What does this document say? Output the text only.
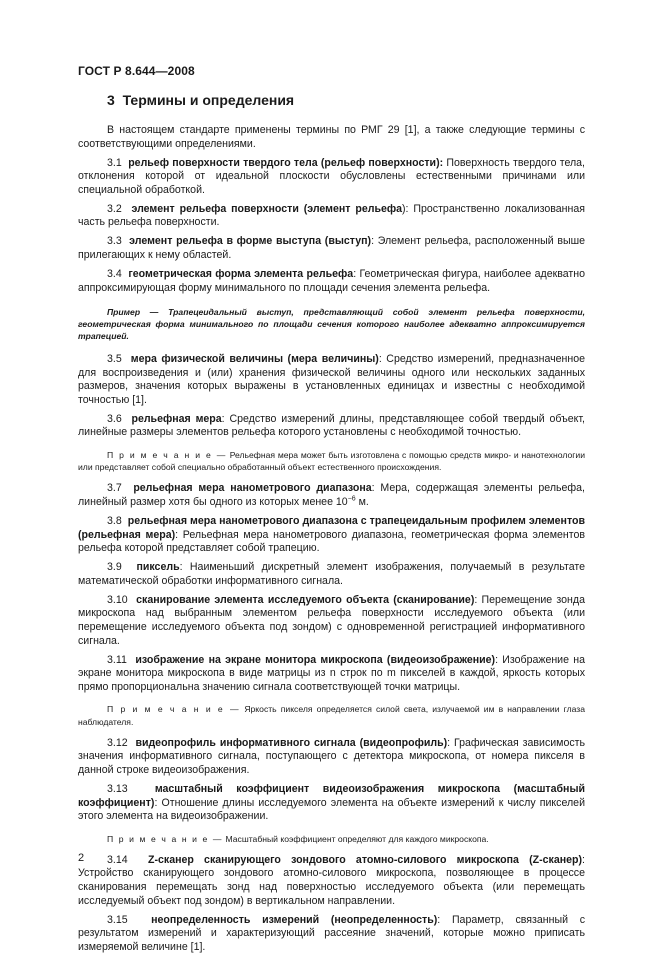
ГОСТ Р 8.644—2008
3 Термины и определения

В настоящем стандарте применены термины по РМГ 29 [1], а также следующие термины с соответствующими определениями.

3.1 рельеф поверхности твердого тела (рельеф поверхности): Поверхность твердого тела, отклонения которой от идеальной плоскости обусловлены естественными причинами или специальной обработкой.

3.2 элемент рельефа поверхности (элемент рельефа): Пространственно локализованная часть рельефа поверхности.

3.3 элемент рельефа в форме выступа (выступ): Элемент рельефа, расположенный выше прилегающих к нему областей.

3.4 геометрическая форма элемента рельефа: Геометрическая фигура, наиболее адекватно аппроксимирующая форму минимального по площади сечения элемента рельефа.

Пример — Трапецеидальный выступ, представляющий собой элемент рельефа поверхности, геометрическая форма минимального по площади сечения которого наиболее адекватно аппроксимируется трапецией.

3.5 мера физической величины (мера величины): Средство измерений, предназначенное для воспроизведения и (или) хранения физической величины одного или нескольких заданных размеров, значения которых выражены в установленных единицах и известны с необходимой точностью [1].

3.6 рельефная мера: Средство измерений длины, представляющее собой твердый объект, линейные размеры элементов рельефа которого установлены с необходимой точностью.

П р и м е ч а н и е — Рельефная мера может быть изготовлена с помощью средств микро- и нанотехнологии или представляет собой специально обработанный объект естественного происхождения.

3.7 рельефная мера нанометрового диапазона: Мера, содержащая элементы рельефа, линейный размер хотя бы одного из которых менее $10^{-6}$ м.

3.8 рельефная мера нанометрового диапазона с трапецеидальным профилем элементов (рельефная мера): Рельефная мера нанометрового диапазона, геометрическая форма элементов рельефа которой представляет собой трапецию.

3.9 пиксель: Наименьший дискретный элемент изображения, получаемый в результате математической обработки информативного сигнала.

3.10 сканирование элемента исследуемого объекта (сканирование): Перемещение зонда микроскопа над выбранным элементом рельефа поверхности исследуемого объекта (или перемещение исследуемого объекта под зондом) с одновременной регистрацией информативного сигнала.

3.11 изображение на экране монитора микроскопа (видеоизображение): Изображение на экране монитора микроскопа в виде матрицы из n строк по m пикселей в каждой, яркость которых прямо пропорциональна значению сигнала соответствующей точки матрицы.

П р и м е ч а н и е — Яркость пикселя определяется силой света, излучаемой им в направлении глаза наблюдателя.

3.12 видеопрофиль информативного сигнала (видеопрофиль): Графическая зависимость значения информативного сигнала, поступающего с детектора микроскопа, от номера пикселя в данной строке видеоизображения.

3.13	масштабный коэффициент видеоизображения микроскопа (масштабный коэффициент): Отношение длины исследуемого элемента на объекте измерений к числу пикселей этого элемента на видеоизображении.

П р и м е ч а н и е — Масштабный коэффициент определяют для каждого микроскопа.

3.14 Z-сканер сканирующего зондового атомно-силового микроскопа (Z-сканер): Устройство сканирующего зондового атомно-силового микроскопа, позволяющее в процессе сканирования перемещать зонд над поверхностью исследуемого объекта (или перемещать исследуемый объект под зондом) в вертикальном направлении.

3.15 неопределенность измерений (неопределенность): Параметр, связанный с результатом измерений и характеризующий рассеяние значений, которые можно приписать измеряемой величине [1].

2
